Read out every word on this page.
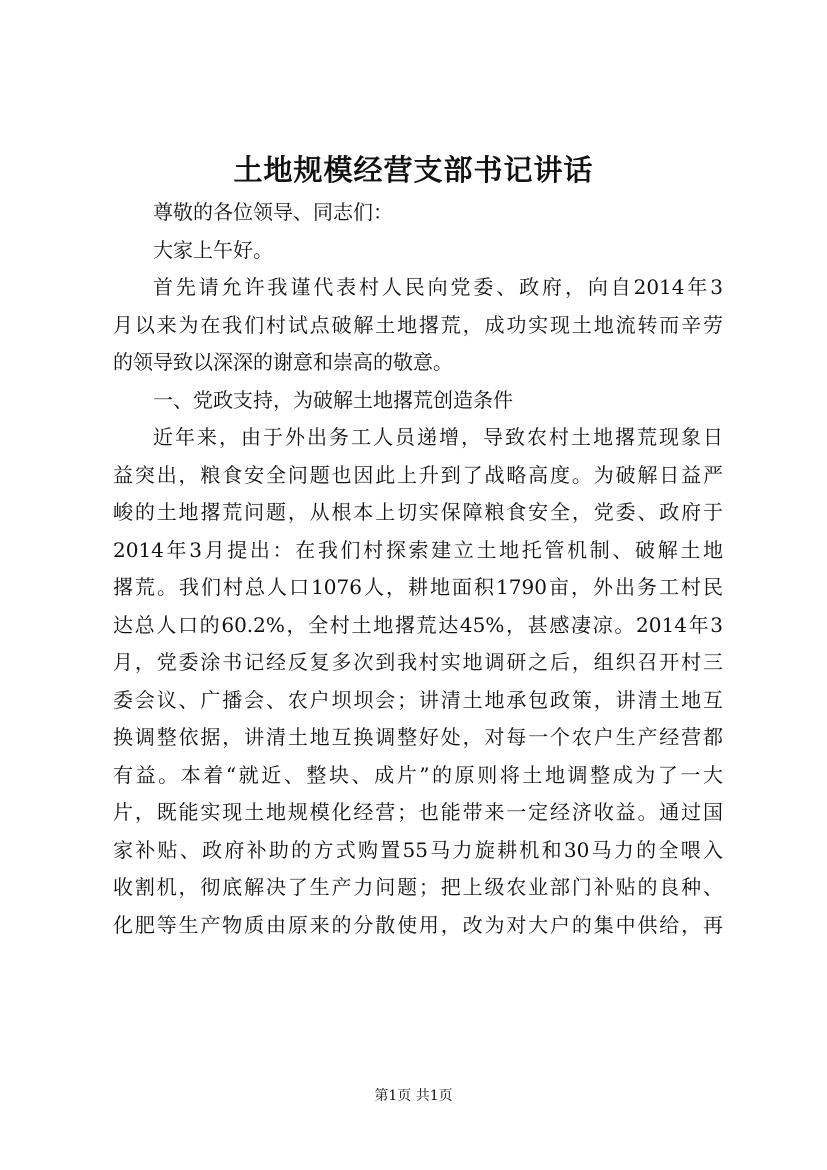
土地规模经营支部书记讲话
尊敬的各位领导、同志们：
大家上午好。
首先请允许我谨代表村人民向党委、政府，向自2014年3
月以来为在我们村试点破解土地撂荒，成功实现土地流转而辛劳
的领导致以深深的谢意和崇高的敬意。
一、党政支持，为破解土地撂荒创造条件
近年来，由于外出务工人员递增，导致农村土地撂荒现象日
益突出，粮食安全问题也因此上升到了战略高度。为破解日益严
峻的土地撂荒问题，从根本上切实保障粮食安全，党委、政府于
2014年3月提出：在我们村探索建立土地托管机制、破解土地
撂荒。我们村总人口1076人，耕地面积1790亩，外出务工村民
达总人口的60.2%，全村土地撂荒达45%，甚感凄凉。2014年3
月，党委涂书记经反复多次到我村实地调研之后，组织召开村三
委会议、广播会、农户坝坝会；讲清土地承包政策，讲清土地互
换调整依据，讲清土地互换调整好处，对每一个农户生产经营都
有益。本着“就近、整块、成片”的原则将土地调整成为了一大
片，既能实现土地规模化经营；也能带来一定经济收益。通过国
家补贴、政府补助的方式购置55马力旋耕机和30马力的全喂入
收割机，彻底解决了生产力问题；把上级农业部门补贴的良种、
化肥等生产物质由原来的分散使用，改为对大户的集中供给，再
第1页 共1页
